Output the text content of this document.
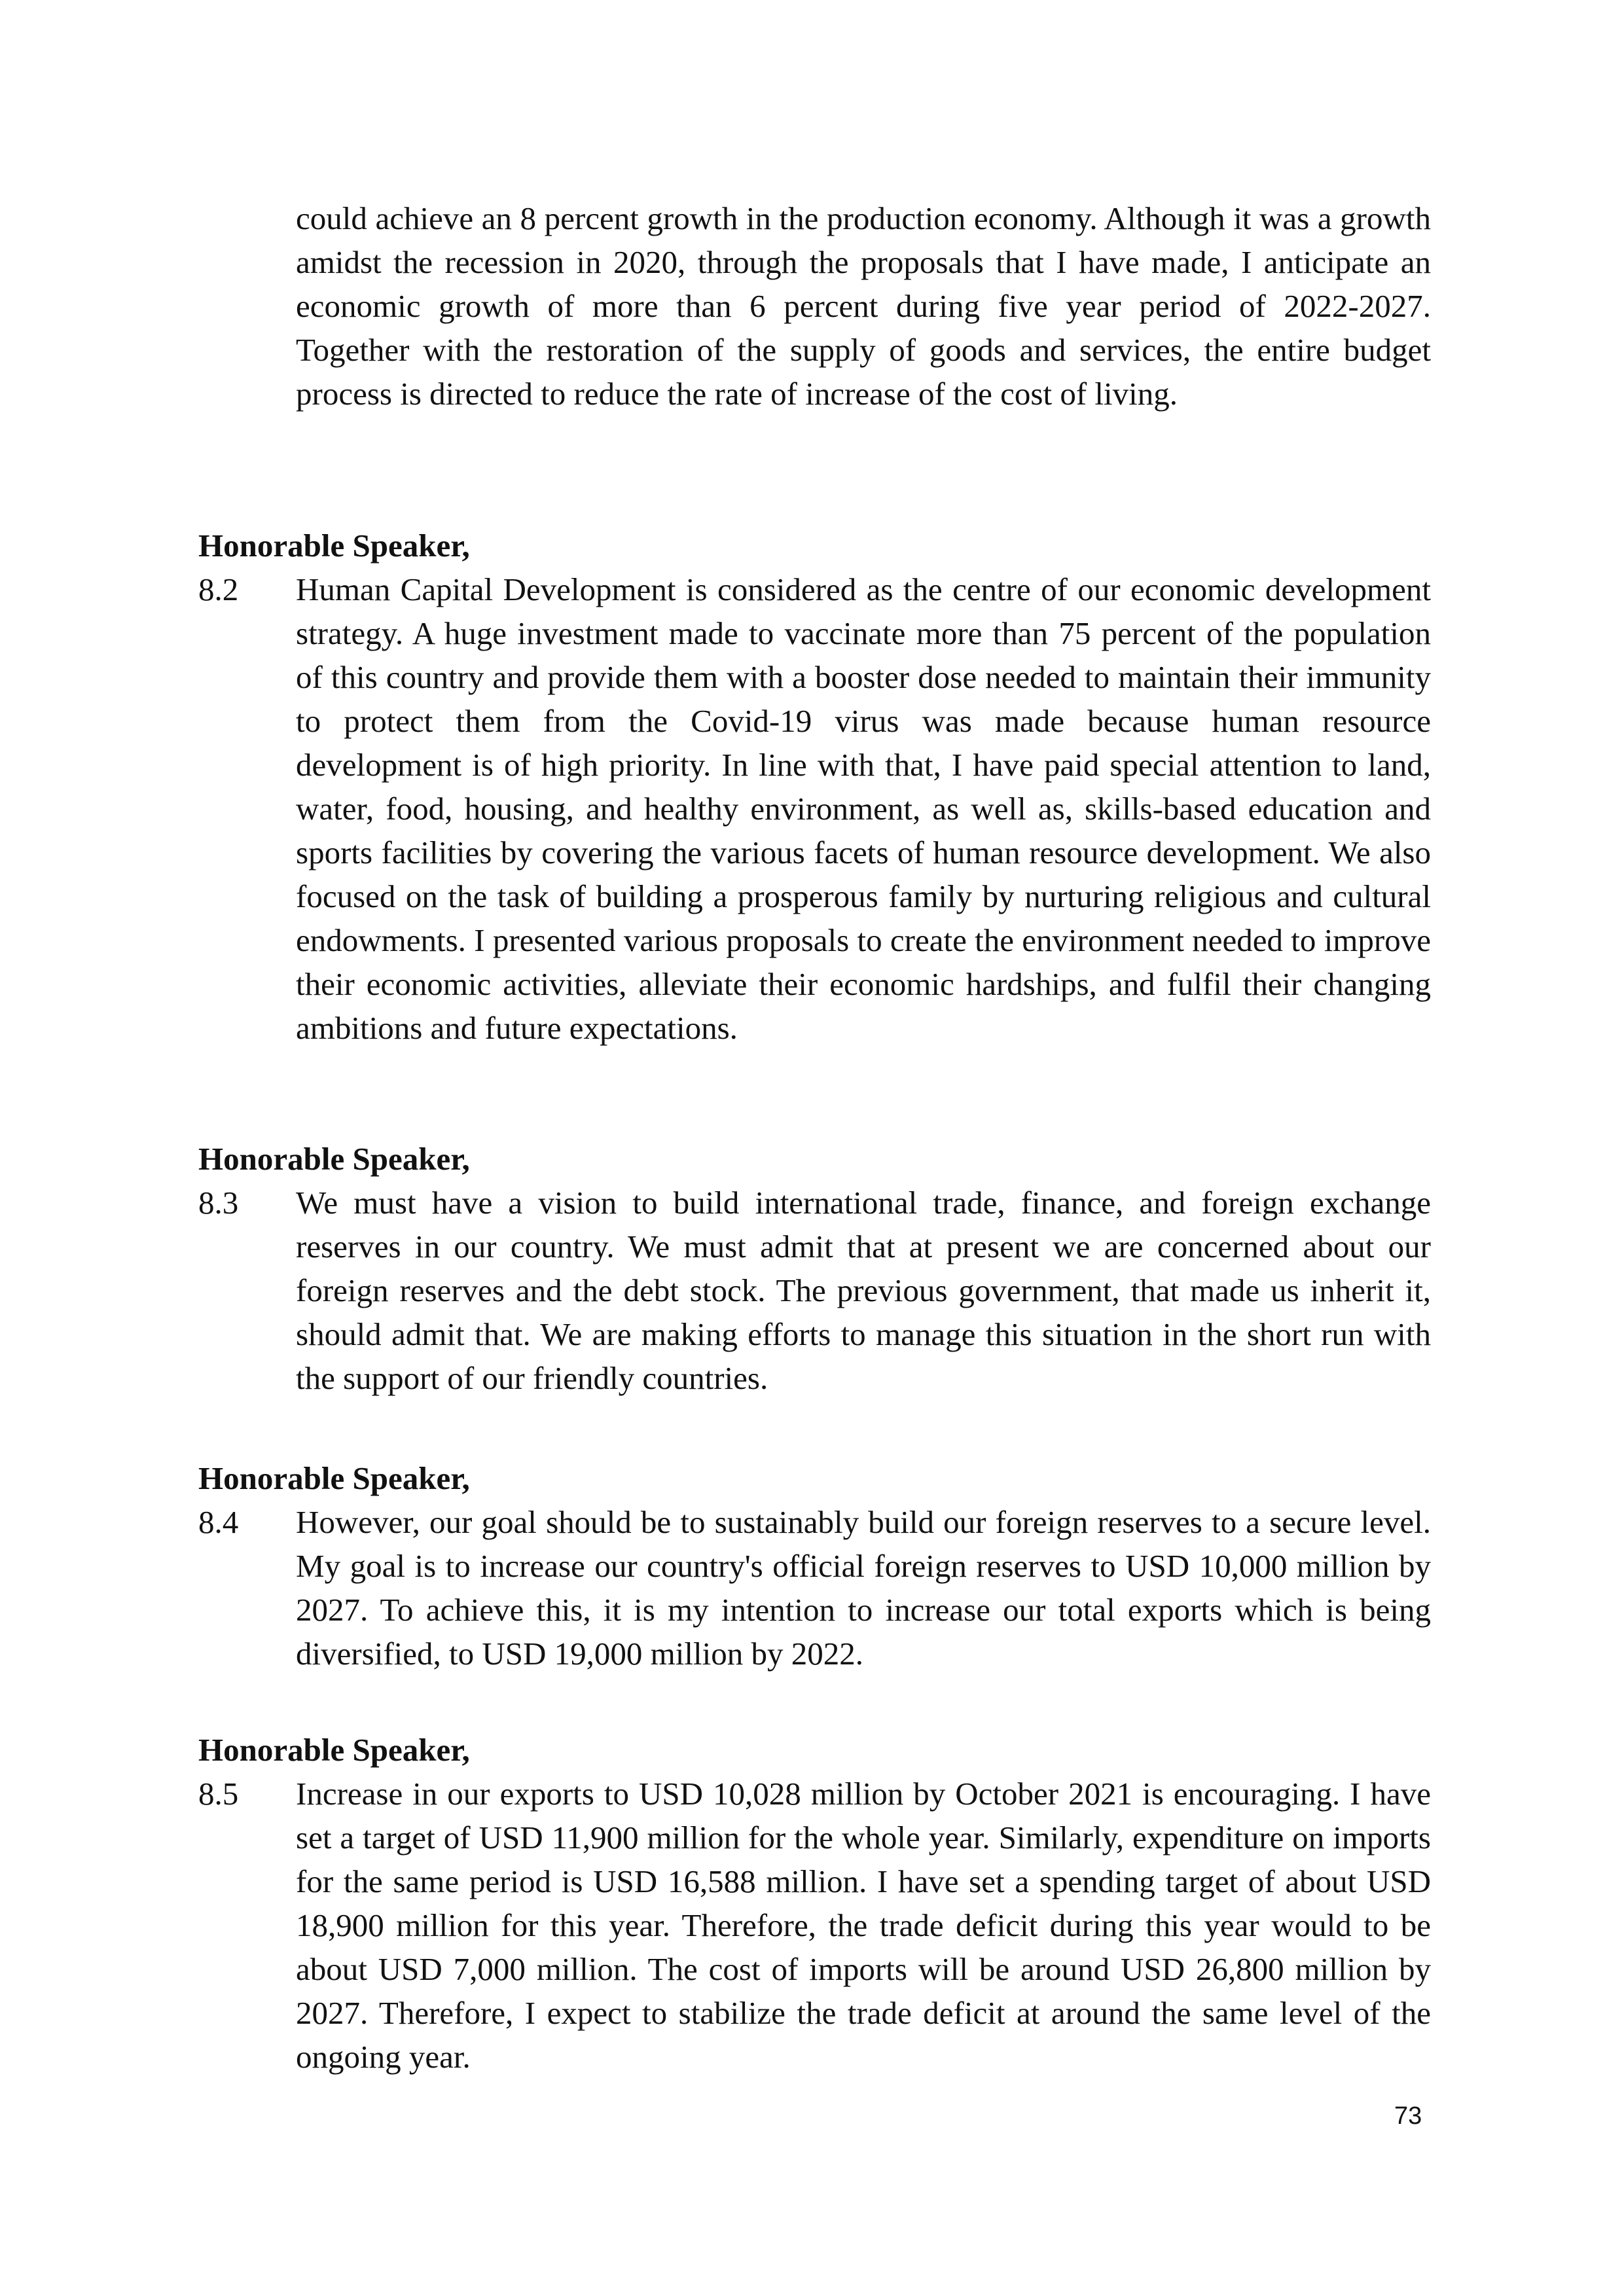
could achieve an 8 percent growth in the production economy. Although it was a growth amidst the recession in 2020, through the proposals that I have made, I anticipate an economic growth of more than 6 percent during five year period of 2022-2027. Together with the restoration of the supply of goods and services, the entire budget process is directed to reduce the rate of increase of the cost of living.

Honorable Speaker,

8.2 Human Capital Development is considered as the centre of our economic development strategy. A huge investment made to vaccinate more than 75 percent of the population of this country and provide them with a booster dose needed to maintain their immunity to protect them from the Covid-19 virus was made because human resource development is of high priority. In line with that, I have paid special attention to land, water, food, housing, and healthy environment, as well as, skills-based education and sports facilities by covering the various facets of human resource development. We also focused on the task of building a prosperous family by nurturing religious and cultural endowments. I presented various proposals to create the environment needed to improve their economic activities, alleviate their economic hardships, and fulfil their changing ambitions and future expectations.

Honorable Speaker,

8.3 We must have a vision to build international trade, finance, and foreign exchange reserves in our country. We must admit that at present we are concerned about our foreign reserves and the debt stock. The previous government, that made us inherit it, should admit that. We are making efforts to manage this situation in the short run with the support of our friendly countries.

Honorable Speaker,

8.4 However, our goal should be to sustainably build our foreign reserves to a secure level. My goal is to increase our country's official foreign reserves to USD 10,000 million by 2027. To achieve this, it is my intention to increase our total exports which is being diversified, to USD 19,000 million by 2022.

Honorable Speaker,

8.5 Increase in our exports to USD 10,028 million by October 2021 is encouraging. I have set a target of USD 11,900 million for the whole year. Similarly, expenditure on imports for the same period is USD 16,588 million. I have set a spending target of about USD 18,900 million for this year. Therefore, the trade deficit during this year would to be about USD 7,000 million. The cost of imports will be around USD 26,800 million by 2027. Therefore, I expect to stabilize the trade deficit at around the same level of the ongoing year.

73
